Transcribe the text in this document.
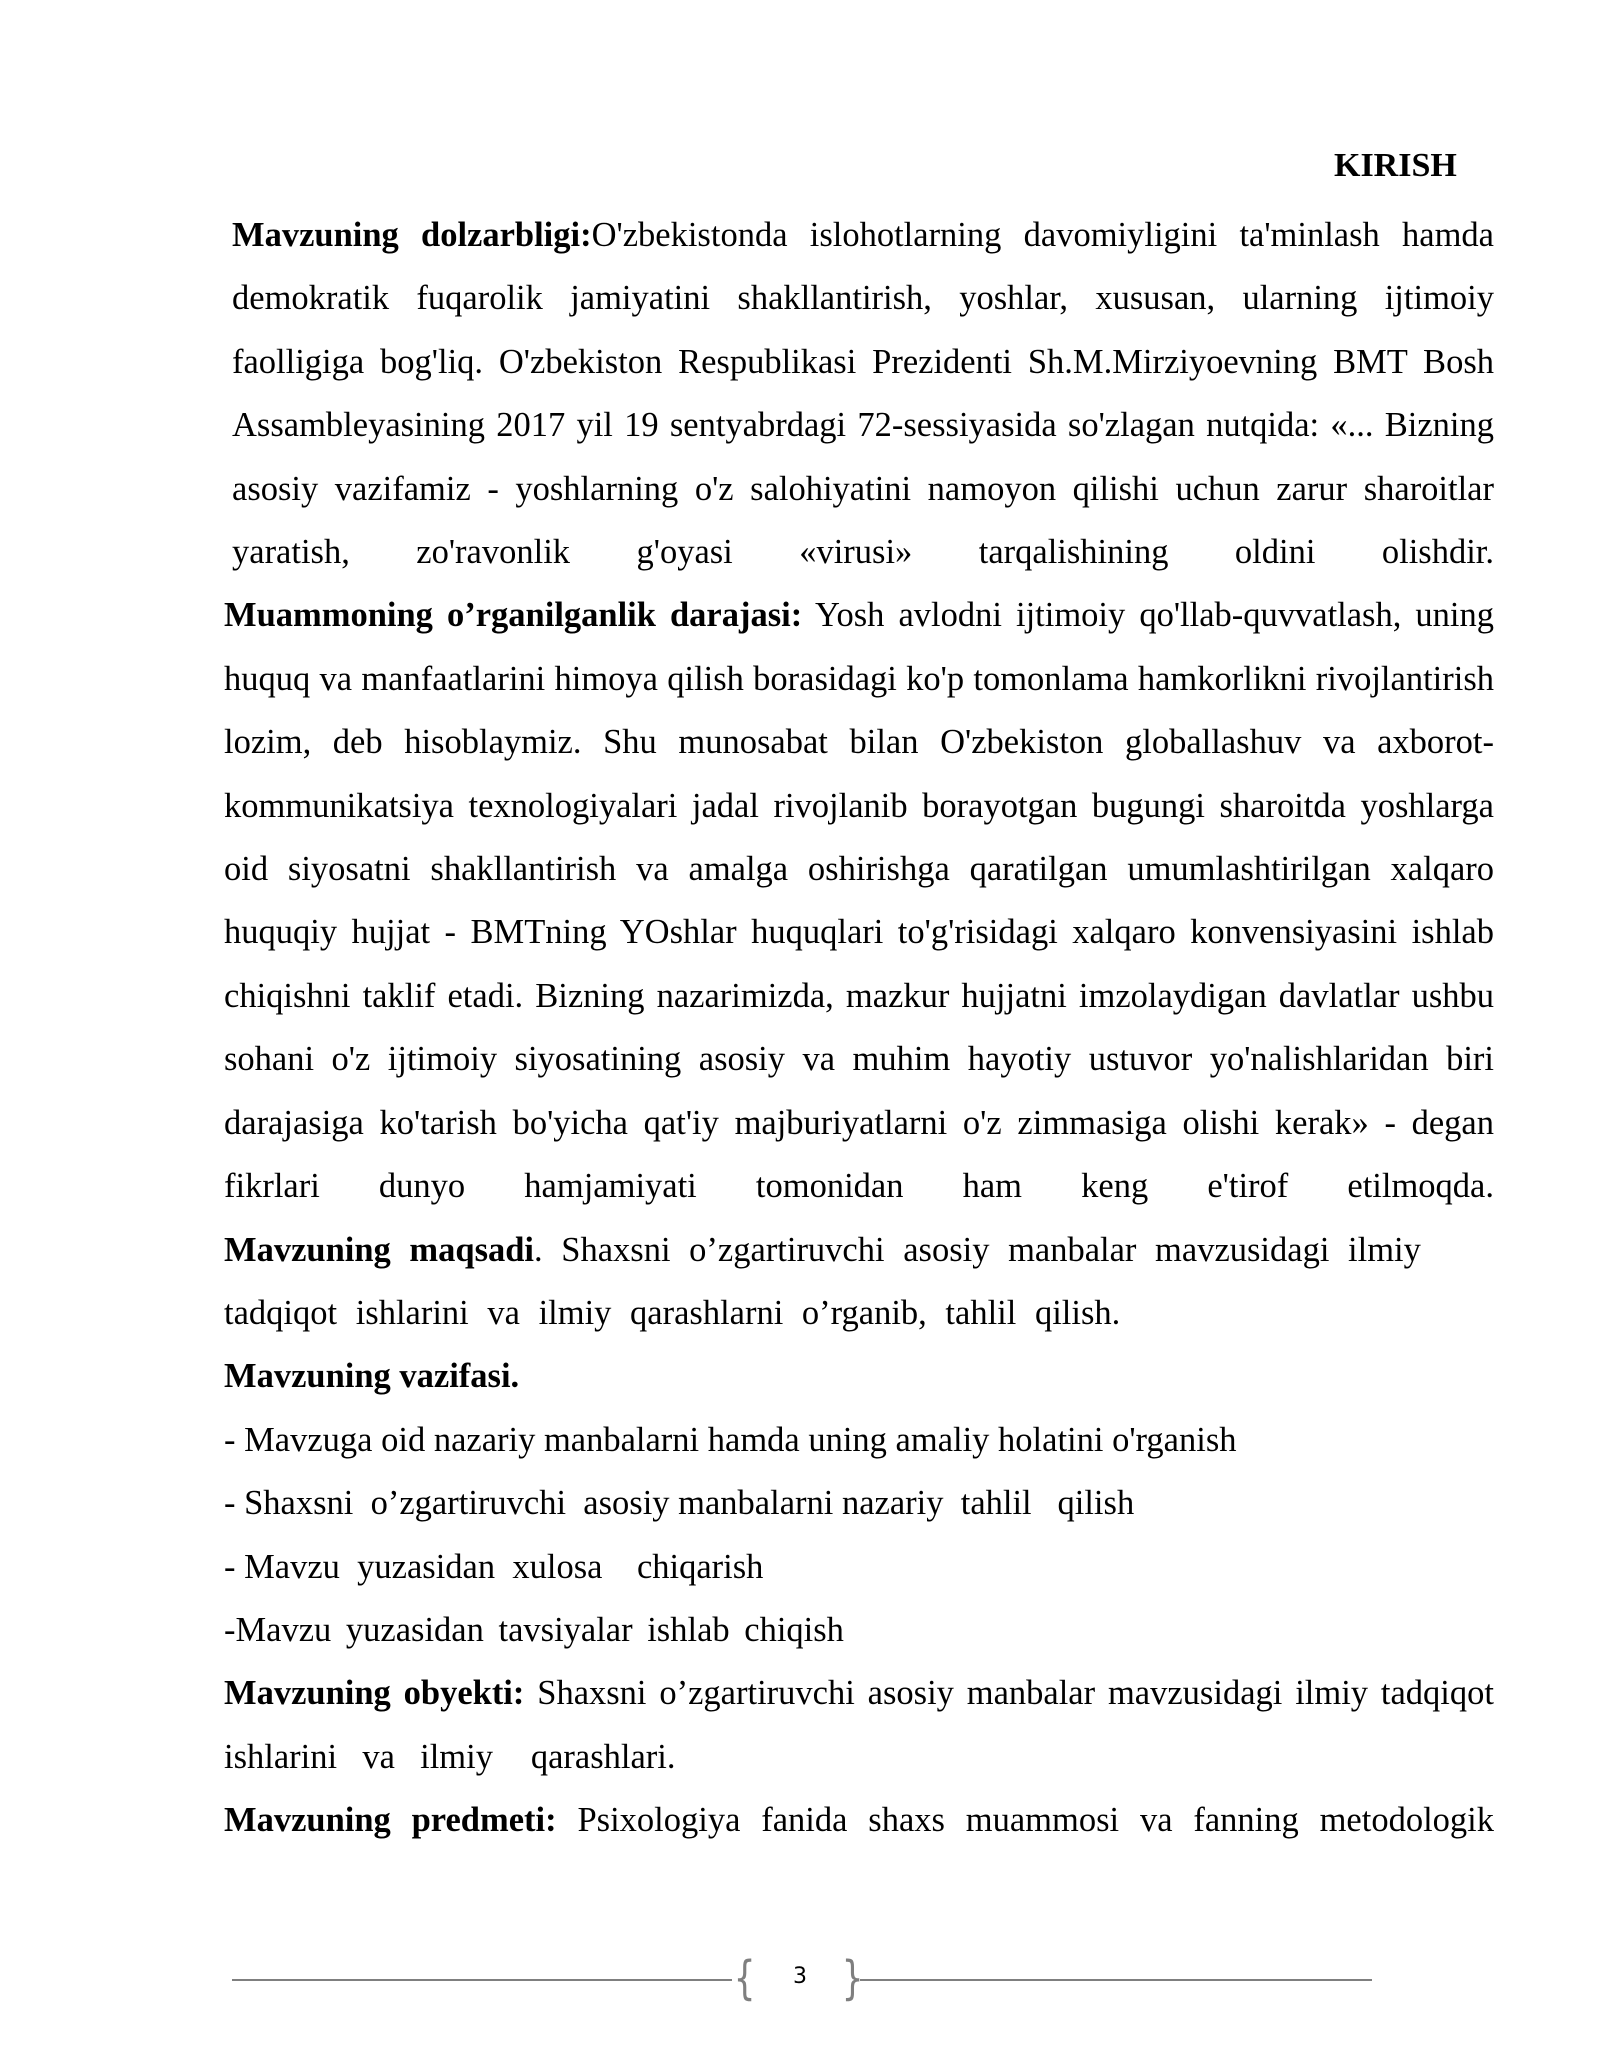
KIRISH

Mavzuning dolzarbligi:O'zbekistonda islohotlarning davomiyligini ta'minlash hamda demokratik fuqarolik jamiyatini shakllantirish, yoshlar, xususan, ularning ijtimoiy faolligiga bog'liq. O'zbekiston Respublikasi Prezidenti Sh.M.Mirziyoevning BMT Bosh Assambleyasining 2017 yil 19 sentyabrdagi 72-sessiyasida so'zlagan nutqida: «... Bizning asosiy vazifamiz - yoshlarning o'z salohiyatini namoyon qilishi uchun zarur sharoitlar yaratish, zo'ravonlik g'oyasi «virusi» tarqalishining oldini olishdir.

Muammoning o’rganilganlik darajasi: Yosh avlodni ijtimoiy qo'llab-quvvatlash, uning huquq va manfaatlarini himoya qilish borasidagi ko'p tomonlama hamkorlikni rivojlantirish lozim, deb hisoblaymiz. Shu munosabat bilan O'zbekiston globallashuv va axborot-kommunikatsiya texnologiyalari jadal rivojlanib borayotgan bugungi sharoitda yoshlarga oid siyosatni shakllantirish va amalga oshirishga qaratilgan umumlashtirilgan xalqaro huquqiy hujjat - BMTning YOshlar huquqlari to'g'risidagi xalqaro konvensiyasini ishlab chiqishni taklif etadi. Bizning nazarimizda, mazkur hujjatni imzolaydigan davlatlar ushbu sohani o'z ijtimoiy siyosatining asosiy va muhim hayotiy ustuvor yo'nalishlaridan biri darajasiga ko'tarish bo'yicha qat'iy majburiyatlarni o'z zimmasiga olishi kerak» - degan fikrlari dunyo hamjamiyati tomonidan ham keng e'tirof etilmoqda.

Mavzuning maqsadi. Shaxsni o’zgartiruvchi asosiy manbalar mavzusidagi ilmiy tadqiqot ishlarini va ilmiy qarashlarni o’rganib, tahlil qilish.

Mavzuning vazifasi.

- Mavzuga oid nazariy manbalarni hamda uning amaliy holatini o'rganish

- Shaxsni  o’zgartiruvchi  asosiy manbalarni nazariy  tahlil   qilish

- Mavzu  yuzasidan  xulosa    chiqarish

-Mavzu yuzasidan tavsiyalar ishlab chiqish

Mavzuning obyekti: Shaxsni o’zgartiruvchi asosiy manbalar mavzusidagi ilmiy tadqiqot  ishlarini  va  ilmiy   qarashlari.

Mavzuning predmeti: Psixologiya fanida shaxs muammosi va fanning metodologik

{	3 }
